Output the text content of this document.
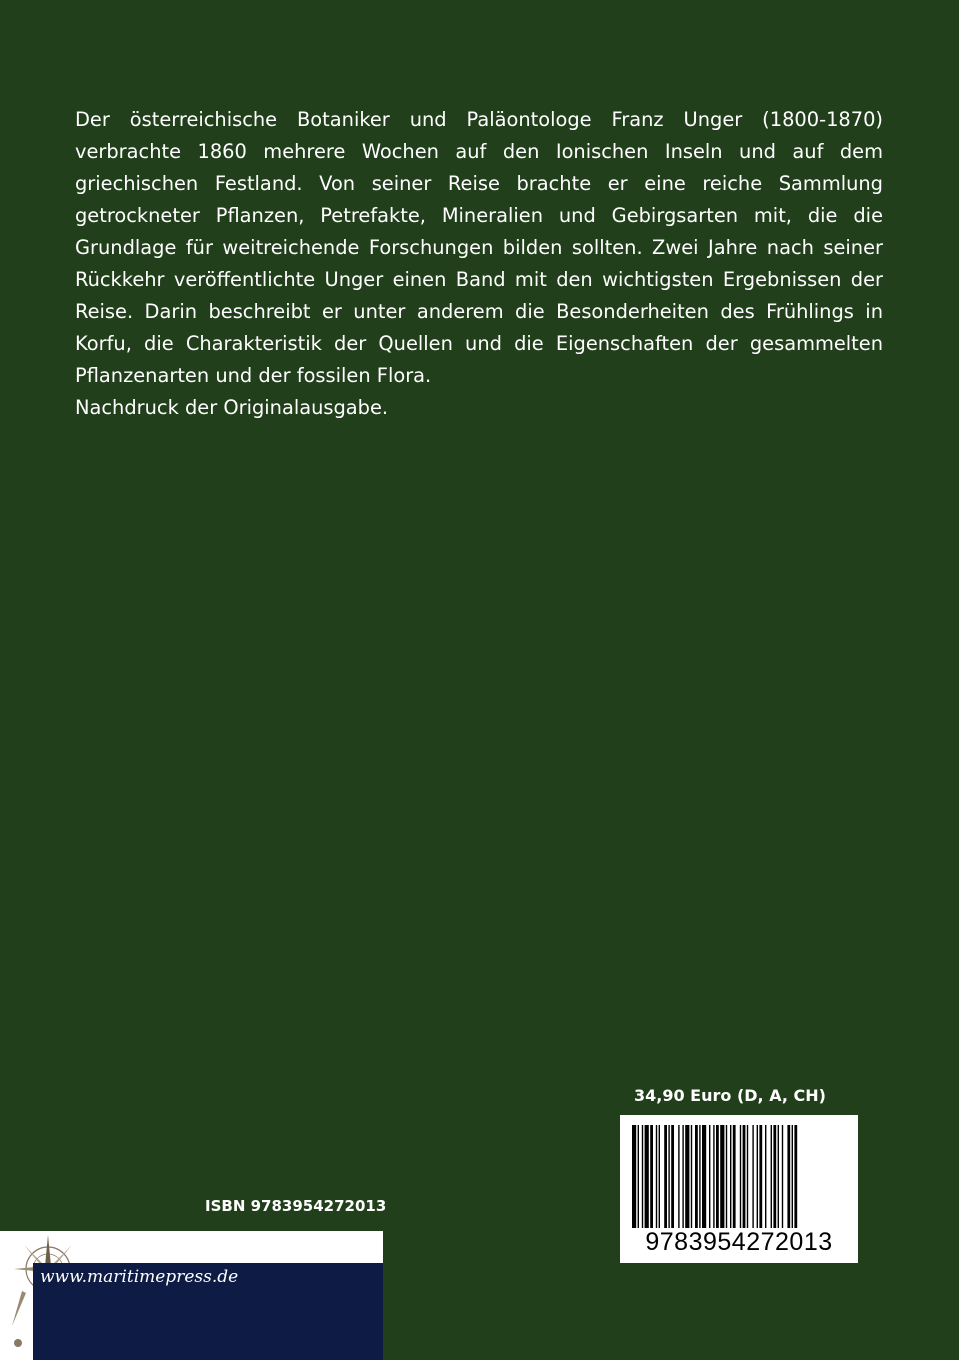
Der österreichische Botaniker und Paläontologe Franz Unger (1800-1870) verbrachte 1860 mehrere Wochen auf den Ionischen Inseln und auf dem griechischen Festland. Von seiner Reise brachte er eine reiche Sammlung getrockneter Pflanzen, Petrefakte, Mineralien und Gebirgsarten mit, die die Grundlage für weitreichende Forschungen bilden sollten. Zwei Jahre nach seiner Rückkehr veröffentlichte Unger einen Band mit den wichtigsten Ergebnissen der Reise. Darin beschreibt er unter anderem die Besonderheiten des Frühlings in Korfu, die Charakteristik der Quellen und die Eigenschaften der gesammelten Pflanzenarten und der fossilen Flora.

Nachdruck der Originalausgabe.

34,90 Euro (D, A, CH)
9783954272013
ISBN 9783954272013
www.maritimepress.de
